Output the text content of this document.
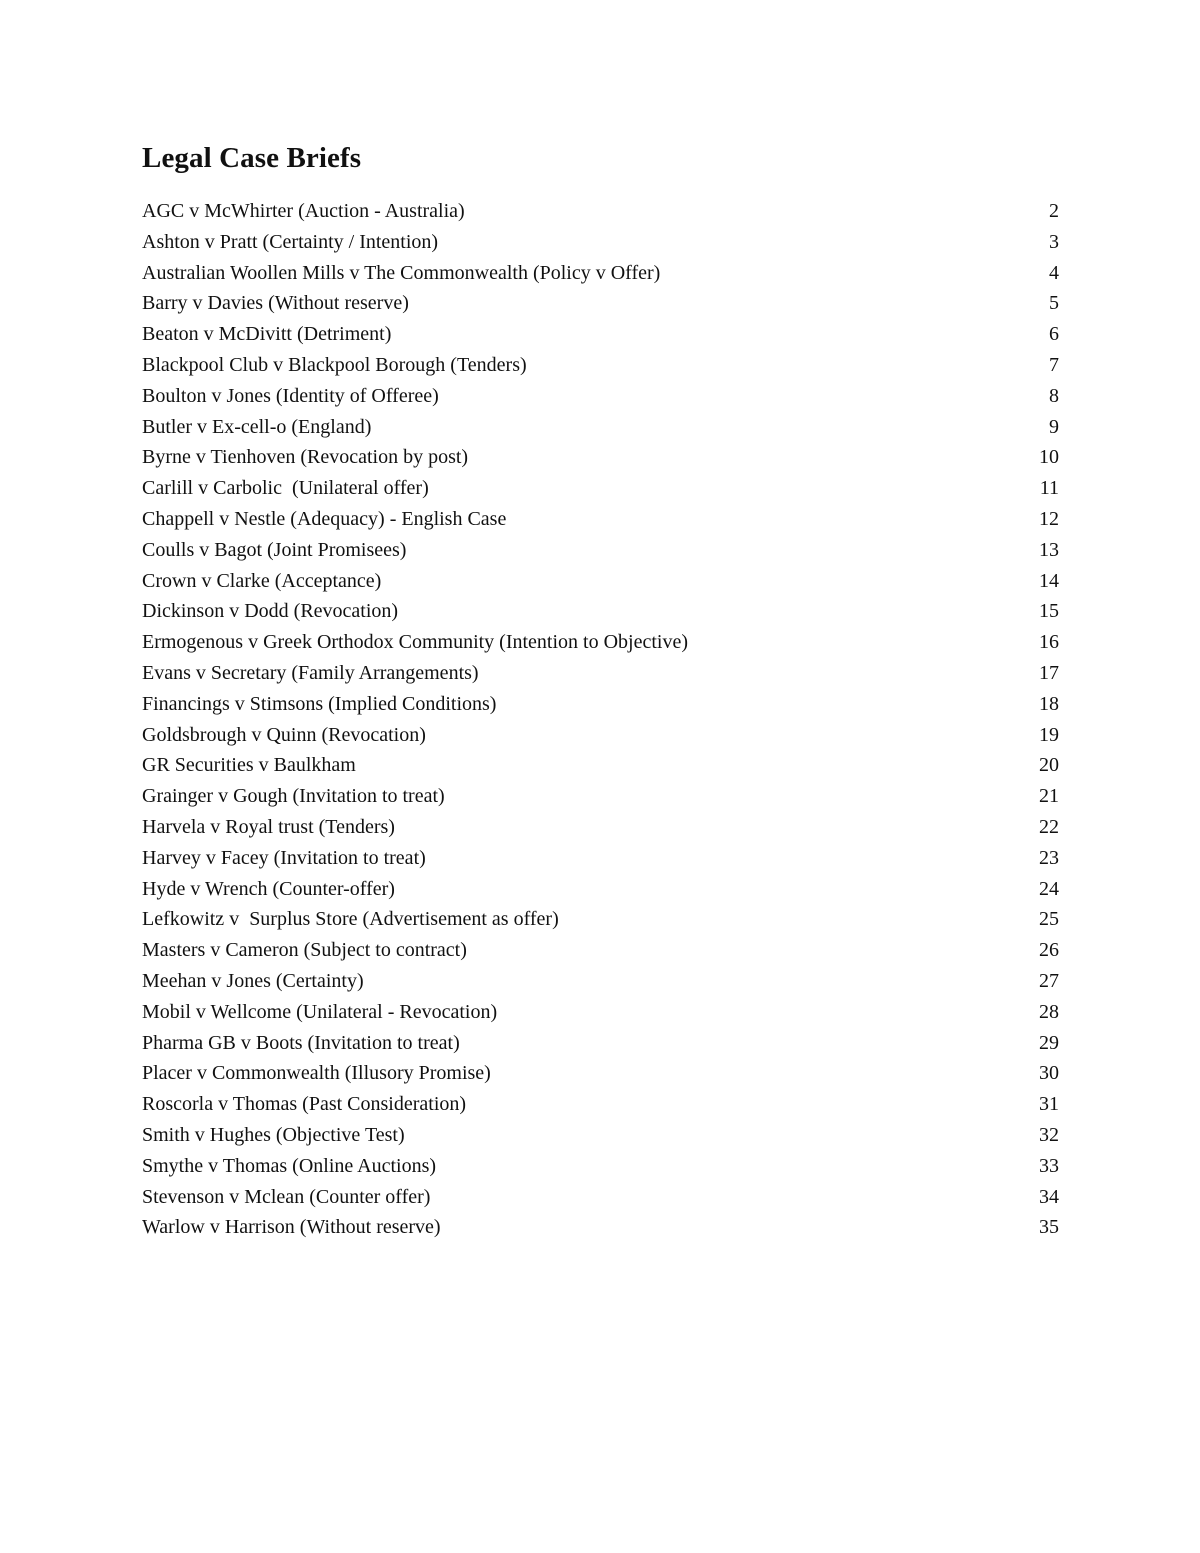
Legal Case Briefs
AGC v McWhirter (Auction - Australia)	2
Ashton v Pratt (Certainty / Intention)	3
Australian Woollen Mills v The Commonwealth (Policy v Offer)	4
Barry v Davies (Without reserve)	5
Beaton v McDivitt (Detriment)	6
Blackpool Club v Blackpool Borough (Tenders)	7
Boulton v Jones (Identity of Offeree)	8
Butler v Ex-cell-o (England)	9
Byrne v Tienhoven (Revocation by post)	10
Carlill v Carbolic  (Unilateral offer)	11
Chappell v Nestle (Adequacy) - English Case	12
Coulls v Bagot (Joint Promisees)	13
Crown v Clarke (Acceptance)	14
Dickinson v Dodd (Revocation)	15
Ermogenous v Greek Orthodox Community (Intention to Objective)	16
Evans v Secretary (Family Arrangements)	17
Financings v Stimsons (Implied Conditions)	18
Goldsbrough v Quinn (Revocation)	19
GR Securities v Baulkham	20
Grainger v Gough (Invitation to treat)	21
Harvela v Royal trust (Tenders)	22
Harvey v Facey (Invitation to treat)	23
Hyde v Wrench (Counter-offer)	24
Lefkowitz v  Surplus Store (Advertisement as offer)	25
Masters v Cameron (Subject to contract)	26
Meehan v Jones (Certainty)	27
Mobil v Wellcome (Unilateral - Revocation)	28
Pharma GB v Boots (Invitation to treat)	29
Placer v Commonwealth (Illusory Promise)	30
Roscorla v Thomas (Past Consideration)	31
Smith v Hughes (Objective Test)	32
Smythe v Thomas (Online Auctions)	33
Stevenson v Mclean (Counter offer)	34
Warlow v Harrison (Without reserve)	35
